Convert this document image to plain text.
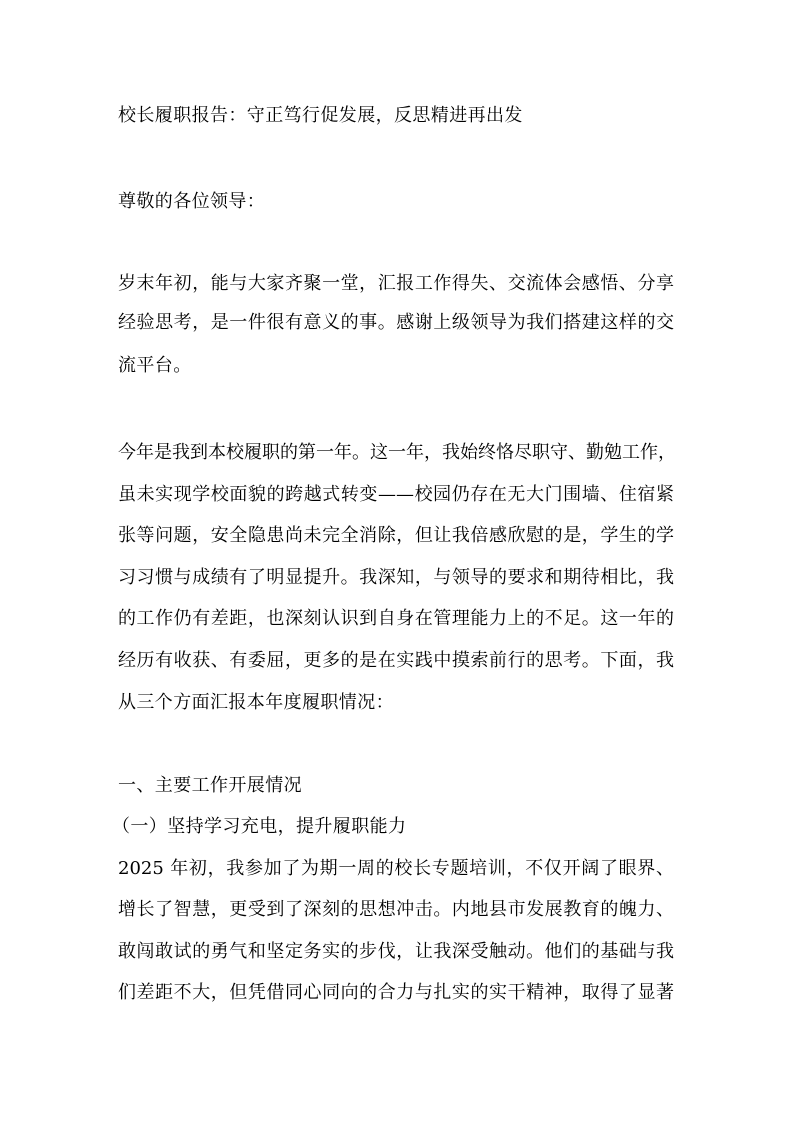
校长履职报告：守正笃行促发展，反思精进再出发
尊敬的各位领导：
岁末年初，能与大家齐聚一堂，汇报工作得失、交流体会感悟、分享
经验思考，是一件很有意义的事。感谢上级领导为我们搭建这样的交
流平台。
今年是我到本校履职的第一年。这一年，我始终恪尽职守、勤勉工作，
虽未实现学校面貌的跨越式转变——校园仍存在无大门围墙、住宿紧
张等问题，安全隐患尚未完全消除，但让我倍感欣慰的是，学生的学
习习惯与成绩有了明显提升。我深知，与领导的要求和期待相比，我
的工作仍有差距，也深刻认识到自身在管理能力上的不足。这一年的
经历有收获、有委屈，更多的是在实践中摸索前行的思考。下面，我
从三个方面汇报本年度履职情况：
一、主要工作开展情况
（一）坚持学习充电，提升履职能力
2025 年初，我参加了为期一周的校长专题培训，不仅开阔了眼界、
增长了智慧，更受到了深刻的思想冲击。内地县市发展教育的魄力、
敢闯敢试的勇气和坚定务实的步伐，让我深受触动。他们的基础与我
们差距不大，但凭借同心同向的合力与扎实的实干精神，取得了显著
